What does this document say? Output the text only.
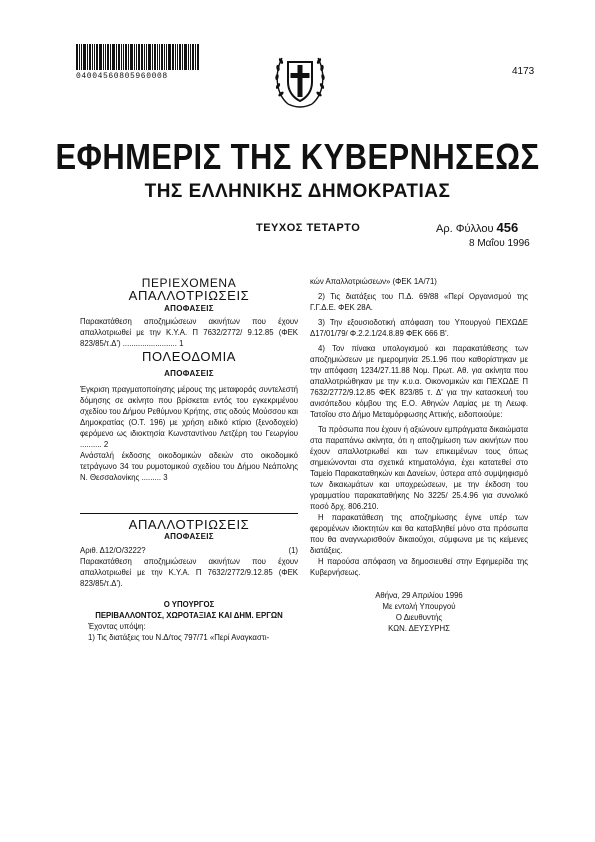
04004560805960008	4173
ΕΦΗΜΕΡΙΣ ΤΗΣ ΚΥΒΕΡΝΗΣΕΩΣ
ΤΗΣ ΕΛΛΗΝΙΚΗΣ ΔΗΜΟΚΡΑΤΙΑΣ
ΤΕΥΧΟΣ ΤΕΤΑΡΤΟ	Αρ. Φύλλου 456
8 Μαΐου 1996
ΠΕΡΙΕΧΟΜΕΝΑ
ΑΠΑΛΛΟΤΡΙΩΣΕΙΣ
ΑΠΟΦΑΣΕΙΣ
Παρακατάθεση αποζημιώσεων ακινήτων που έχουν απαλλοτριωθεί με την Κ.Υ.Α. Π 7632/2772/ 9.12.85 (ΦΕΚ 823/85/τ.Δ') ......................... 1
ΠΟΛΕΟΔΟΜΙΑ
ΑΠΟΦΑΣΕΙΣ
Έγκριση πραγματοποίησης μέρους της μεταφοράς συντελεστή δόμησης σε ακίνητο που βρίσκεται εντός του εγκεκριμένου σχεδίου του Δήμου Ρεθύμνου Κρήτης, στις οδούς Μούσσου και Δημοκρατίας (Ο.Τ. 196) με χρήση ειδικό κτίριο (ξενοδοχείο) φερόμενο ως ιδιοκτησία Κωνσταντίνου Λετζέρη του Γεωργίου .......... 2
Ανάσταλή έκδοσης οικοδομικών αδειών στο οικοδομικό τετράγωνο 34 του ρυμοτομικού σχεδίου του Δήμου Νεάπολης Ν. Θεσσαλονίκης ......... 3
ΑΠΑΛΛΟΤΡΙΩΣΕΙΣ
ΑΠΟΦΑΣΕΙΣ
Αριθ. Δ12/Ο/3222?	(1)
Παρακατάθεση αποζημιώσεων ακινήτων που έχουν απαλλοτριωθεί με την Κ.Υ.Α. Π 7632/2772/9.12.85 (ΦΕΚ 823/85/τ.Δ').
Ο ΥΠΟΥΡΓΟΣ
ΠΕΡΙΒΑΛΛΟΝΤΟΣ, ΧΩΡΟΤΑΞΙΑΣ ΚΑΙ ΔΗΜ. ΕΡΓΩΝ
Έχοντας υπόψη:
1) Τις διατάξεις του Ν.Δ/τος 797/71 «Περί Αναγκαστι-
κών Απαλλοτριώσεων» (ΦΕΚ 1Α/71)
2) Τις διατάξεις του Π.Δ. 69/88 «Περί Οργανισμού της Γ.Γ.Δ.Ε. ΦΕΚ 28Α.
3) Την εξουσιοδοτική απόφαση του Υπουργού ΠΕΧΩΔΕ Δ17/01/79/ Φ.2.2.1/24.8.89 ΦΕΚ 666 Β'.
4) Τον πίνακα υπολογισμού και παρακατάθεσης των αποζημιώσεων με ημερομηνία 25.1.96 που καθορίστηκαν με την απόφαση 1234/27.11.88 Νομ. Πρωτ. Αθ. για ακίνητα που απαλλοτριώθηκαν με την κ.υ.α. Οικονομικών και ΠΕΧΩΔΕ Π 7632/2772/9.12.85 ΦΕΚ 823/85 τ. Δ' για την κατασκευή του ανισόπεδου κόμβου της Ε.Ο. Αθηνών Λαμίας με τη Λεωφ. Τατοΐου στο Δήμο Μεταμόρφωσης Αττικής, ειδοποιούμε:
Τα πρόσωπα που έχουν ή αξιώνουν εμπράγματα δικαιώματα στα παραπάνω ακίνητα, ότι η αποζημίωση των ακινήτων που έχουν απαλλοτριωθεί και των επικειμένων τους όπως σημειώνονται στα σχετικά κτηματολόγια, έχει κατατεθεί στο Ταμείο Παρακαταθηκών και Δανείων, ύστερα από συμψηφισμό των δικαιωμάτων και υποχρεώσεων, με την έκδοση του γραμματίου παρακαταθήκης Νο 3225/ 25.4.96 για συνολικό ποσό δρχ. 806.210.
Η παρακατάθεση της αποζημίωσης έγινε υπέρ των φερομένων ιδιοκτητών και θα καταβληθεί μόνο στα πρόσωπα που θα αναγνωρισθούν δικαιούχοι, σύμφωνα με τις κείμενες διατάξεις.
Η παρούσα απόφαση να δημοσιευθεί στην Εφημερίδα της Κυβερνήσεως.
Αθήνα, 29 Απριλίου 1996
Με εντολή Υπουργού
Ο Διευθυντής
ΚΩΝ. ΔΕΥΣΥΡΗΣ
